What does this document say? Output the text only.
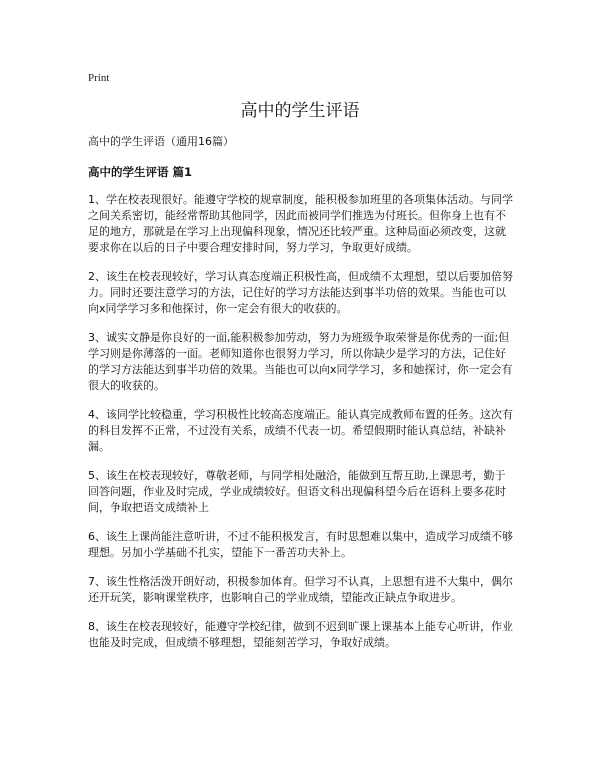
Print
高中的学生评语

高中的学生评语（通用16篇）

高中的学生评语 篇1

1、学在校表现很好。能遵守学校的规章制度，能积极参加班里的各项集体活动。与同学之间关系密切，能经常帮助其他同学，因此而被同学们推选为付班长。但你身上也有不足的地方，那就是在学习上出现偏科现象，情况还比较严重。这种局面必须改变，这就要求你在以后的日子中要合理安排时间，努力学习，争取更好成绩。

2、该生在校表现较好，学习认真态度端正积极性高，但成绩不太理想，望以后要加倍努力。同时还要注意学习的方法，记住好的学习方法能达到事半功倍的效果。当能也可以向x同学学习多和他探讨，你一定会有很大的收获的。

3、诚实文静是你良好的一面,能积极参加劳动，努力为班级争取荣誉是你优秀的一面;但学习则是你薄落的一面。老师知道你也很努力学习，所以你缺少是学习的方法，记住好的学习方法能达到事半功倍的效果。当能也可以向x同学学习，多和她探讨，你一定会有很大的收获的。

4、该同学比较稳重，学习积极性比较高态度端正。能认真完成教师布置的任务。这次有的科目发挥不正常，不过没有关系，成绩不代表一切。希望假期时能认真总结，补缺补漏。

5、该生在校表现较好，尊敬老师，与同学相处融洽，能做到互帮互助,上课思考，勤于回答问题，作业及时完成，学业成绩较好。但语文科出现偏科望今后在语科上要多花时间，争取把语文成绩补上

6、该生上课尚能注意听讲，不过不能积极发言，有时思想难以集中，造成学习成绩不够理想。另加小学基础不扎实，望能下一番苦功夫补上。

7、该生性格活泼开朗好动，积极参加体育。但学习不认真，上思想有进不大集中，偶尔还开玩笑，影响课堂秩序，也影响自己的学业成绩，望能改正缺点争取进步。

8、该生在校表现较好，能遵守学校纪律，做到不迟到旷课上课基本上能专心听讲，作业也能及时完成，但成绩不够理想，望能刻苦学习，争取好成绩。
